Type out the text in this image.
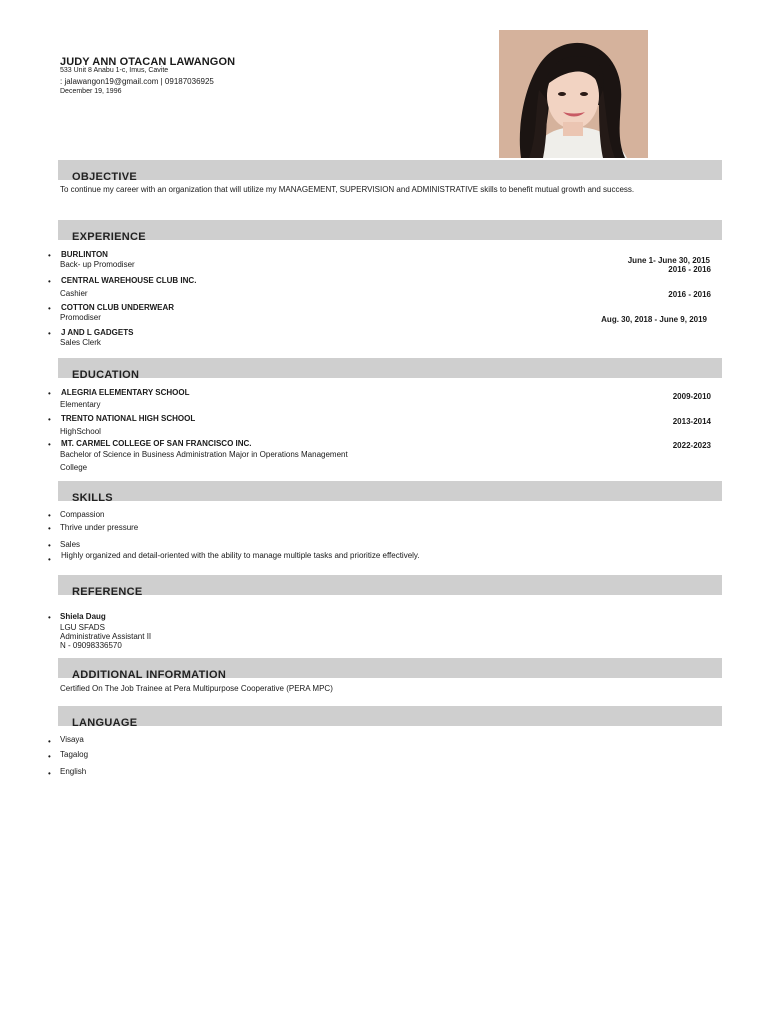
JUDY ANN OTACAN LAWANGON
533 Unit 8 Anabu 1-c, Imus, Cavite
: jalawangon19@gmail.com | 09187036925
December 19, 1996
OBJECTIVE
To continue my career with an organization that will utilize my MANAGEMENT, SUPERVISION and ADMINISTRATIVE skills to benefit mutual growth and success.
EXPERIENCE
• BURLINTON
Back- up Promodiser	June 1- June 30, 2015
2016 - 2016
• CENTRAL WAREHOUSE CLUB INC.
Cashier	2016 - 2016
• COTTON CLUB UNDERWEAR
Promodiser	Aug. 30, 2018 - June 9, 2019
• J AND L GADGETS
Sales Clerk
EDUCATION
• ALEGRIA ELEMENTARY SCHOOL
Elementary
2009-2010
• TRENTO NATIONAL HIGH SCHOOL
HighSchool
2013-2014
• MT. CARMEL COLLEGE OF SAN FRANCISCO INC.
Bachelor of Science in Business Administration Major in Operations Management
College
2022-2023
SKILLS
• Compassion
• Thrive under pressure
• Sales
• Highly organized and detail-oriented with the ability to manage multiple tasks and prioritize effectively.
REFERENCE
• Shiela Daug
LGU SFADS
Administrative Assistant II
N - 09098336570
ADDITIONAL INFORMATION
Certified On The Job Trainee at Pera Multipurpose Cooperative (PERA MPC)
LANGUAGE
• Visaya
• Tagalog
• English
